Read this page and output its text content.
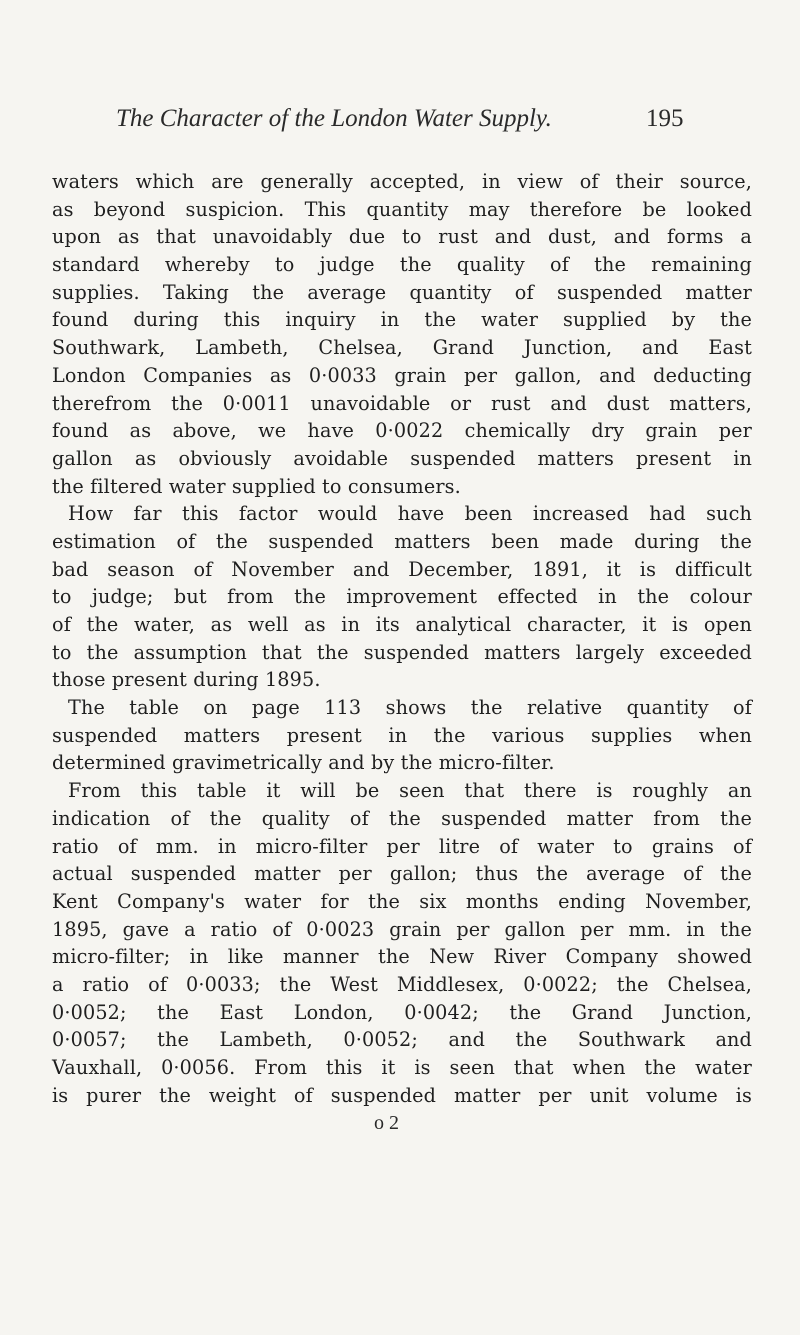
The Character of the London Water Supply.	195
waters which are generally accepted, in view of their source,
as beyond suspicion. This quantity may therefore be looked
upon as that unavoidably due to rust and dust, and forms a
standard whereby to judge the quality of the remaining
supplies. Taking the average quantity of suspended matter
found during this inquiry in the water supplied by the
Southwark, Lambeth, Chelsea, Grand Junction, and East
London Companies as 0·0033 grain per gallon, and deducting
therefrom the 0·0011 unavoidable or rust and dust matters,
found as above, we have 0·0022 chemically dry grain per
gallon as obviously avoidable suspended matters present in
the filtered water supplied to consumers.
How far this factor would have been increased had such
estimation of the suspended matters been made during the
bad season of November and December, 1891, it is difficult
to judge; but from the improvement effected in the colour
of the water, as well as in its analytical character, it is open
to the assumption that the suspended matters largely exceeded
those present during 1895.
The table on page 113 shows the relative quantity of
suspended matters present in the various supplies when
determined gravimetrically and by the micro-filter.
From this table it will be seen that there is roughly an
indication of the quality of the suspended matter from the
ratio of mm. in micro-filter per litre of water to grains of
actual suspended matter per gallon; thus the average of the
Kent Company's water for the six months ending November,
1895, gave a ratio of 0·0023 grain per gallon per mm. in the
micro-filter; in like manner the New River Company showed
a ratio of 0·0033; the West Middlesex, 0·0022; the Chelsea,
0·0052; the East London, 0·0042; the Grand Junction,
0·0057; the Lambeth, 0·0052; and the Southwark and
Vauxhall, 0·0056. From this it is seen that when the water
is purer the weight of suspended matter per unit volume is
o 2
